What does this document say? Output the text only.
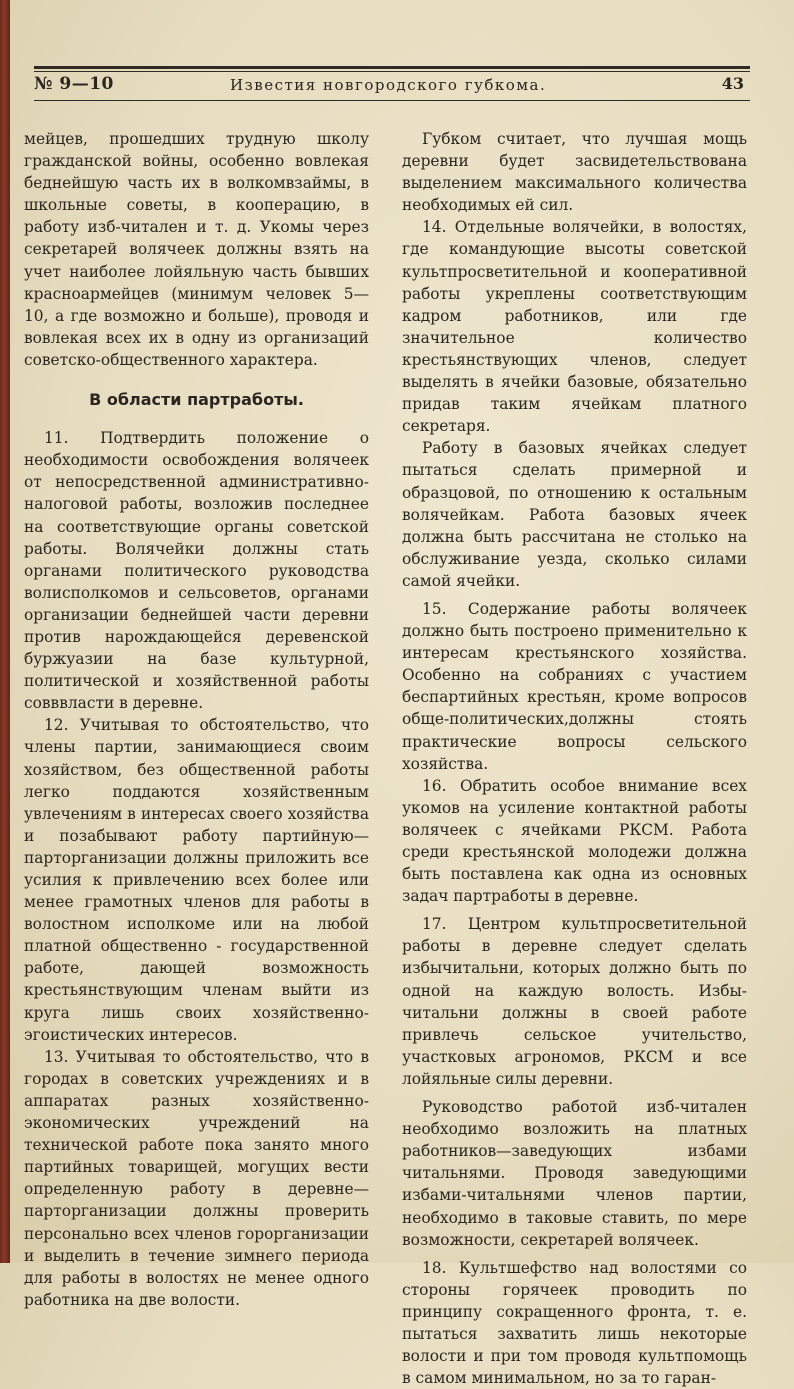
№ 9—10	Известия новгородского губкома.	43

мейцев, прошедших трудную школу гражданской войны, особенно вовлекая беднейшую часть их в волкомвзаймы, в школьные советы, в кооперацию, в работу изб-читален и т. д. Укомы через секретарей волячеек должны взять на учет наиболее лойяльную часть бывших красноармейцев (минимум человек 5—10, а где возможно и больше), проводя и вовлекая всех их в одну из организаций советско-общественного характера.

В области партработы.

11. Подтвердить положение о необходимости освобождения волячеек от непосредственной административно-налоговой работы, возложив последнее на соответствующие органы советской работы. Волячейки должны стать органами политического руководства волисполкомов и сельсоветов, органами организации беднейшей части деревни против нарождающейся деревенской буржуазии на базе культурной, политической и хозяйственной работы совввласти в деревне.

12. Учитывая то обстоятельство, что члены партии, занимающиеся своим хозяйством, без общественной работы легко поддаются хозяйственным увлечениям в интересах своего хозяйства и позабывают работу партийную—парторганизации должны приложить все усилия к привлечению всех более или менее грамотных членов для работы в волостном исполкоме или на любой платной общественно - государственной работе, дающей возможность крестьянствующим членам выйти из круга лишь своих хозяйственно-эгоистических интересов.

13. Учитывая то обстоятельство, что в городах в советских учреждениях и в аппаратах разных хозяйственно-экономических учреждений на технической работе пока занято много партийных товарищей, могущих вести определенную работу в деревне—парторганизации должны проверить персонально всех членов горорганизации и выделить в течение зимнего периода для работы в волостях не менее одного работника на две волости.

Губком считает, что лучшая мощь деревни будет засвидетельствована выделением максимального количества необходимых ей сил.

14. Отдельные волячейки, в волостях, где командующие высоты советской культпросветительной и кооперативной работы укреплены соответствующим кадром работников, или где значительное количество крестьянствующих членов, следует выделять в ячейки базовые, обязательно придав таким ячейкам платного секретаря.

Работу в базовых ячейках следует пытаться сделать примерной и образцовой, по отношению к остальным волячейкам. Работа базовых ячеек должна быть рассчитана не столько на обслуживание уезда, сколько силами самой ячейки.

15. Содержание работы волячеек должно быть построено применительно к интересам крестьянского хозяйства. Особенно на собраниях с участием беспартийных крестьян, кроме вопросов обще-политических,должны стоять практические вопросы сельского хозяйства.

16. Обратить особое внимание всех укомов на усиление контактной работы волячеек с ячейками РКСМ. Работа среди крестьянской молодежи должна быть поставлена как одна из основных задач партработы в деревне.

17. Центром культпросветительной работы в деревне следует сделать избычитальни, которых должно быть по одной на каждую волость. Избы-читальни должны в своей работе привлечь сельское учительство, участковых агрономов, РКСМ и все лойяльные силы деревни.

Руководство работой изб-читален необходимо возложить на платных работников—заведующих избами читальнями. Проводя заведующими избами-читальнями членов партии, необходимо в таковые ставить, по мере возможности, секретарей волячеек.

18. Культшефство над волостями со стороны горячеек проводить по принципу сокращенного фронта, т. е. пытаться захватить лишь некоторые волости и при том проводя культпомощь в самом минимальном, но за то гаран-
